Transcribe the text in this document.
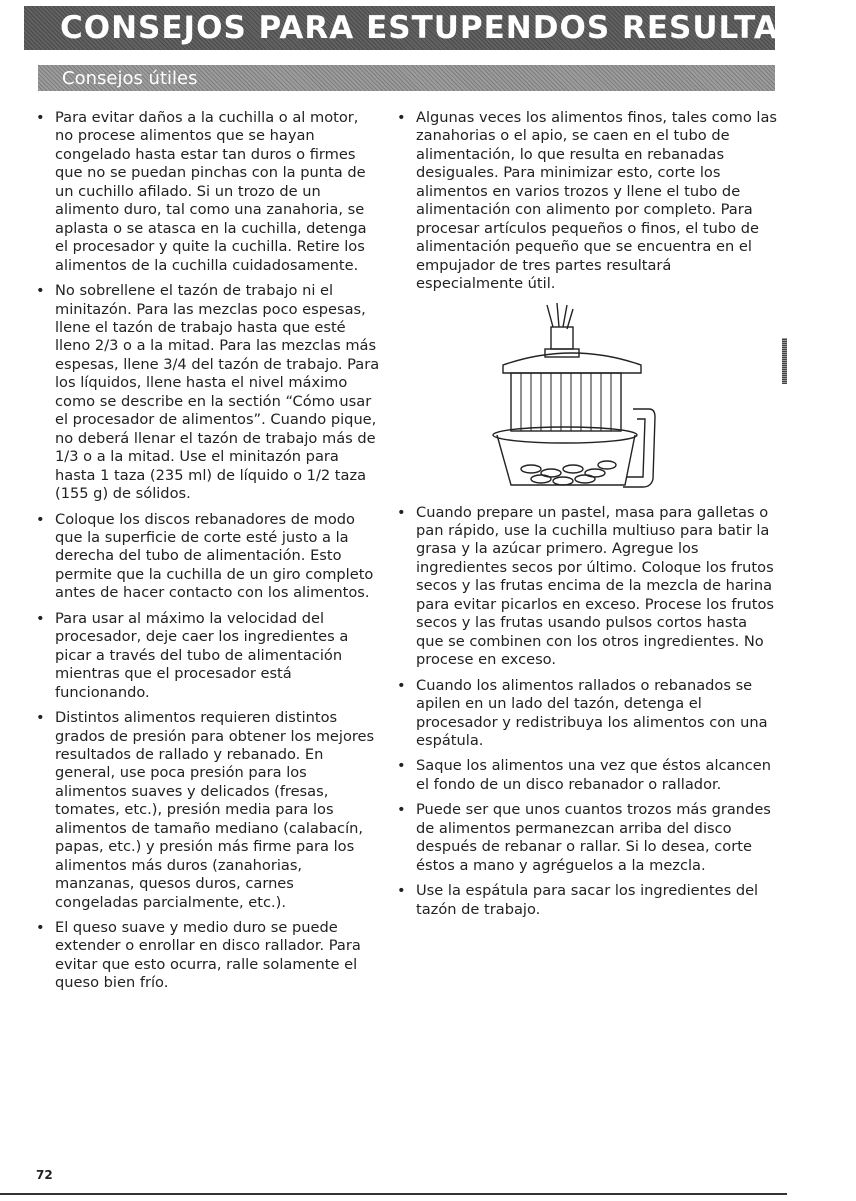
CONSEJOS PARA ESTUPENDOS RESULTADOS
Consejos útiles
• Para evitar daños a la cuchilla o al motor, no procese alimentos que se hayan congelado hasta estar tan duros o firmes que no se puedan pinchas con la punta de un cuchillo afilado. Si un trozo de un alimento duro, tal como una zanahoria, se aplasta o se atasca en la cuchilla, detenga el procesador y quite la cuchilla. Retire los alimentos de la cuchilla cuidadosamente.
• No sobrellene el tazón de trabajo ni el minitazón. Para las mezclas poco espesas, llene el tazón de trabajo hasta que esté lleno 2/3 o a la mitad. Para las mezclas más espesas, llene 3/4 del tazón de trabajo. Para los líquidos, llene hasta el nivel máximo como se describe en la sectión “Cómo usar el procesador de alimentos”. Cuando pique, no deberá llenar el tazón de trabajo más de 1/3 o a la mitad. Use el minitazón para hasta 1 taza (235 ml) de líquido o 1/2 taza (155 g) de sólidos.
• Coloque los discos rebanadores de modo que la superficie de corte esté justo a la derecha del tubo de alimentación. Esto permite que la cuchilla de un giro completo antes de hacer contacto con los alimentos.
• Para usar al máximo la velocidad del procesador, deje caer los ingredientes a picar a través del tubo de alimentación mientras que el procesador está funcionando.
• Distintos alimentos requieren distintos grados de presión para obtener los mejores resultados de rallado y rebanado. En general, use poca presión para los alimentos suaves y delicados (fresas, tomates, etc.), presión media para los alimentos de tamaño mediano (calabacín, papas, etc.) y presión más firme para los alimentos más duros (zanahorias, manzanas, quesos duros, carnes congeladas parcialmente, etc.).
• El queso suave y medio duro se puede extender o enrollar en disco rallador. Para evitar que esto ocurra, ralle solamente el queso bien frío.
• Algunas veces los alimentos finos, tales como las zanahorias o el apio, se caen en el tubo de alimentación, lo que resulta en rebanadas desiguales. Para minimizar esto, corte los alimentos en varios trozos y llene el tubo de alimentación con alimento por completo. Para procesar artículos pequeños o finos, el tubo de alimentación pequeño que se encuentra en el empujador de tres partes resultará especialmente útil.
• Cuando prepare un pastel, masa para galletas o pan rápido, use la cuchilla multiuso para batir la grasa y la azúcar primero. Agregue los ingredientes secos por último. Coloque los frutos secos y las frutas encima de la mezcla de harina para evitar picarlos en exceso. Procese los frutos secos y las frutas usando pulsos cortos hasta que se combinen con los otros ingredientes. No procese en exceso.
• Cuando los alimentos rallados o rebanados se apilen en un lado del tazón, detenga el procesador y redistribuya los alimentos con una espátula.
• Saque los alimentos una vez que éstos alcancen el fondo de un disco rebanador o rallador.
• Puede ser que unos cuantos trozos más grandes de alimentos permanezcan arriba del disco después de rebanar o rallar. Si lo desea, corte éstos a mano y agréguelos a la mezcla.
• Use la espátula para sacar los ingredientes del tazón de trabajo.
72
